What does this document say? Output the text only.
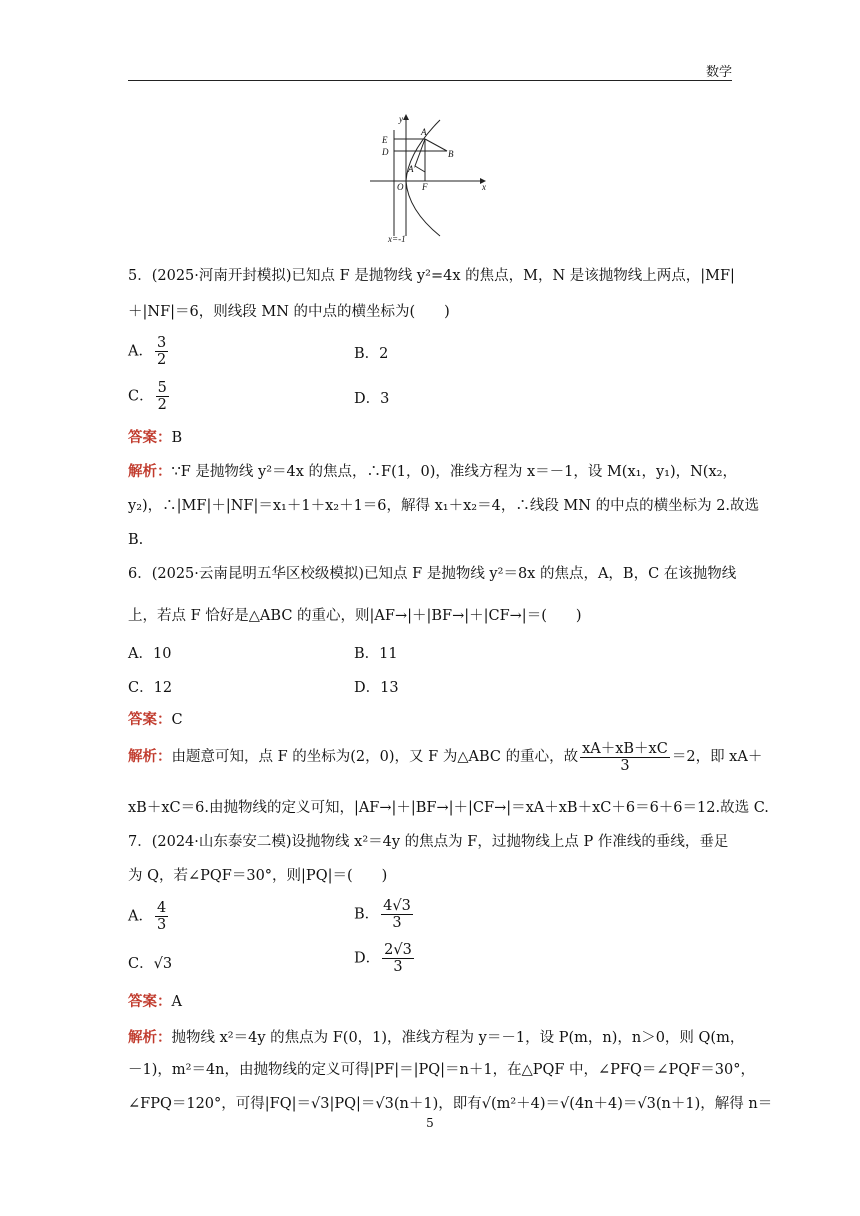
数学
y
E
D
A
B
A'
O F	x
x=-1
5．(2025·河南开封模拟)已知点 F 是抛物线 y²=4x 的焦点，M，N 是该抛物线上两点，|MF|
＋|NF|＝6，则线段 MN 的中点的横坐标为(　　)
A． $\frac{3}{2}$	B．2
C． $\frac{5}{2}$	D．3
答案：B
解析：∵F 是抛物线 y²＝4x 的焦点，∴F(1，0)，准线方程为 x＝－1，设 M(x₁，y₁)，N(x₂，
y₂)，∴|MF|＋|NF|＝x₁＋1＋x₂＋1＝6，解得 x₁＋x₂＝4，∴线段 MN 的中点的横坐标为 2.故选
B.
6．(2025·云南昆明五华区校级模拟)已知点 F 是抛物线 y²＝8x 的焦点，A，B，C 在该抛物线
上，若点 F 恰好是△ABC 的重心，则|AF→|＋|BF→|＋|CF→|＝(　　)
A．10	B．11
C．12	D．13
答案：C
解析：由题意可知，点 F 的坐标为(2，0)，又 F 为△ABC 的重心，故 $\frac{xA+xB+xC}{3} =2$，即 xA＋
xB＋xC＝6.由抛物线的定义可知，|AF→|＋|BF→|＋|CF→|＝xA＋xB＋xC＋6＝6＋6＝12.故选 C.
7．(2024·山东泰安二模)设抛物线 x²＝4y 的焦点为 F，过抛物线上点 P 作准线的垂线，垂足
为 Q，若∠PQF＝30°，则|PQ|＝(　　)
A． $\frac{4}{3}$	B． $\frac{4√3}{3}$
C．√3	D． $\frac{2√3}{3}$
答案：A
解析：抛物线 x²＝4y 的焦点为 F(0，1)，准线方程为 y＝－1，设 P(m，n)，n＞0，则 Q(m，
－1)，m²＝4n，由抛物线的定义可得|PF|＝|PQ|＝n＋1，在△PQF 中，∠PFQ＝∠PQF＝30°，
∠FPQ＝120°，可得|FQ|＝√3|PQ|＝√3(n＋1)，即有√(m²＋4)＝√(4n＋4)＝√3(n＋1)，解得 n＝
5
